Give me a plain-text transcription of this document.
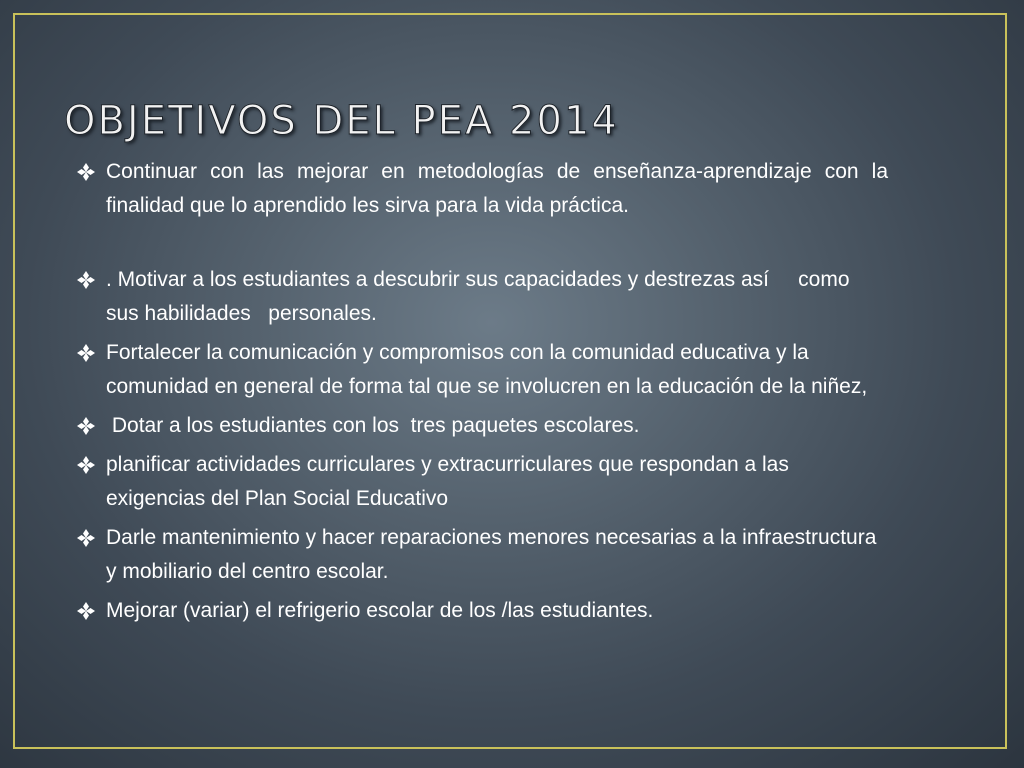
OBJETIVOS DEL PEA 2014
Continuar con las mejorar en metodologías de enseñanza-aprendizaje con la finalidad que lo aprendido les sirva para la vida práctica.
. Motivar a los estudiantes a descubrir sus capacidades y destrezas así     como sus habilidades   personales.
Fortalecer la comunicación y compromisos con la comunidad educativa y la comunidad en general de forma tal que se involucren en la educación de la niñez,
Dotar a los estudiantes con los  tres paquetes escolares.
planificar actividades curriculares y extracurriculares que respondan a las exigencias del Plan Social Educativo
Darle mantenimiento y hacer reparaciones menores necesarias a la infraestructura y mobiliario del centro escolar.
Mejorar (variar) el refrigerio escolar de los /las estudiantes.
